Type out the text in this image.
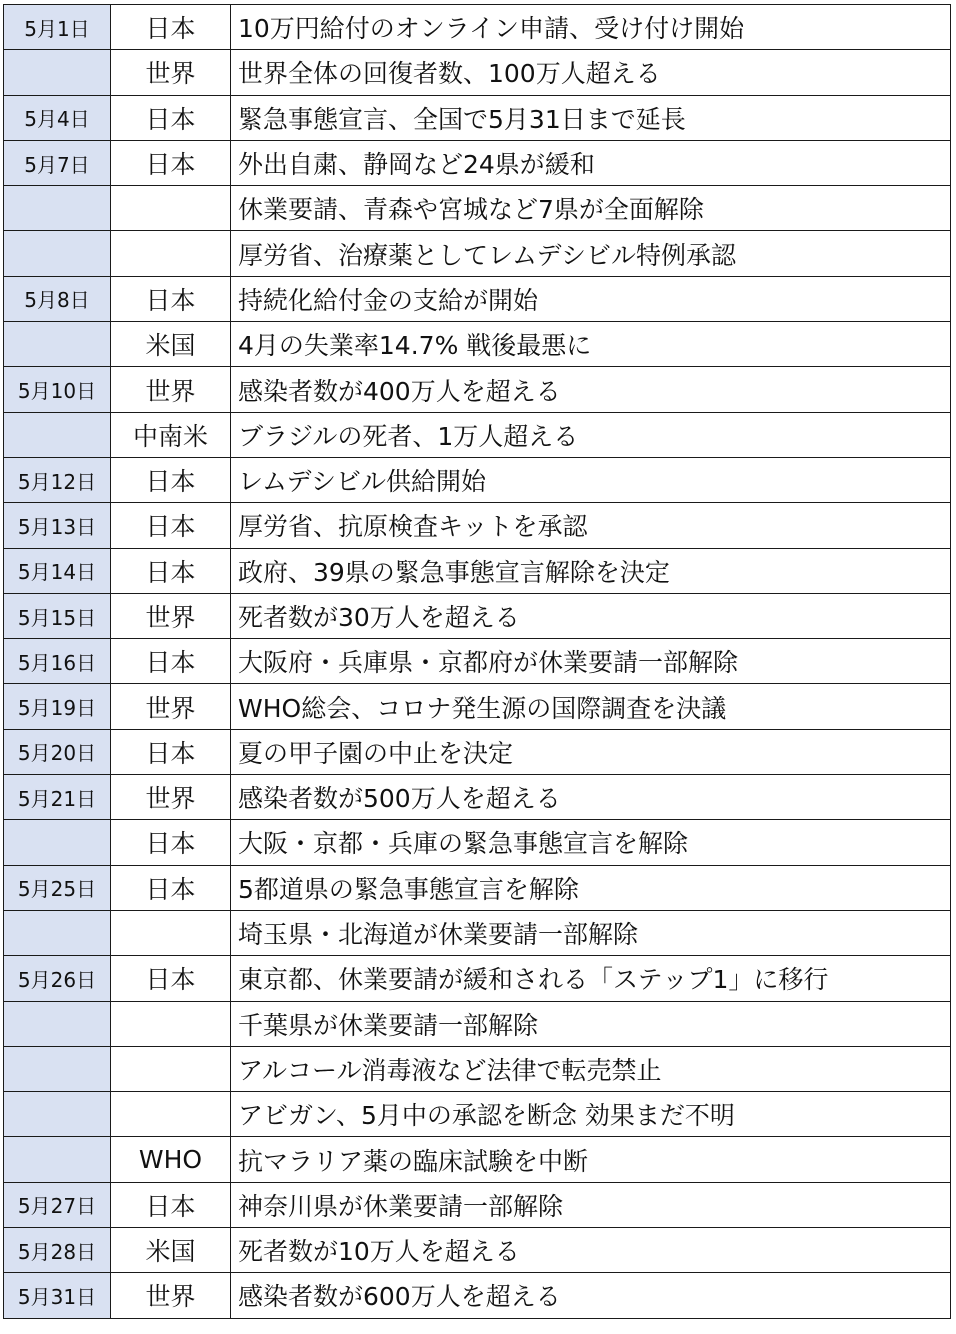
5月1日	日本	10万円給付のオンライン申請、受け付け開始
	世界	世界全体の回復者数、100万人超える
5月4日	日本	緊急事態宣言、全国で5月31日まで延長
5月7日	日本	外出自粛、静岡など24県が緩和
		休業要請、青森や宮城など7県が全面解除
		厚労省、治療薬としてレムデシビル特例承認
5月8日	日本	持続化給付金の支給が開始
	米国	4月の失業率14.7% 戦後最悪に
5月10日	世界	感染者数が400万人を超える
	中南米	ブラジルの死者、1万人超える
5月12日	日本	レムデシビル供給開始
5月13日	日本	厚労省、抗原検査キットを承認
5月14日	日本	政府、39県の緊急事態宣言解除を決定
5月15日	世界	死者数が30万人を超える
5月16日	日本	大阪府・兵庫県・京都府が休業要請一部解除
5月19日	世界	WHO総会、コロナ発生源の国際調査を決議
5月20日	日本	夏の甲子園の中止を決定
5月21日	世界	感染者数が500万人を超える
	日本	大阪・京都・兵庫の緊急事態宣言を解除
5月25日	日本	5都道県の緊急事態宣言を解除
		埼玉県・北海道が休業要請一部解除
5月26日	日本	東京都、休業要請が緩和される「ステップ1」に移行
		千葉県が休業要請一部解除
		アルコール消毒液など法律で転売禁止
		アビガン、5月中の承認を断念 効果まだ不明
	WHO	抗マラリア薬の臨床試験を中断
5月27日	日本	神奈川県が休業要請一部解除
5月28日	米国	死者数が10万人を超える
5月31日	世界	感染者数が600万人を超える
